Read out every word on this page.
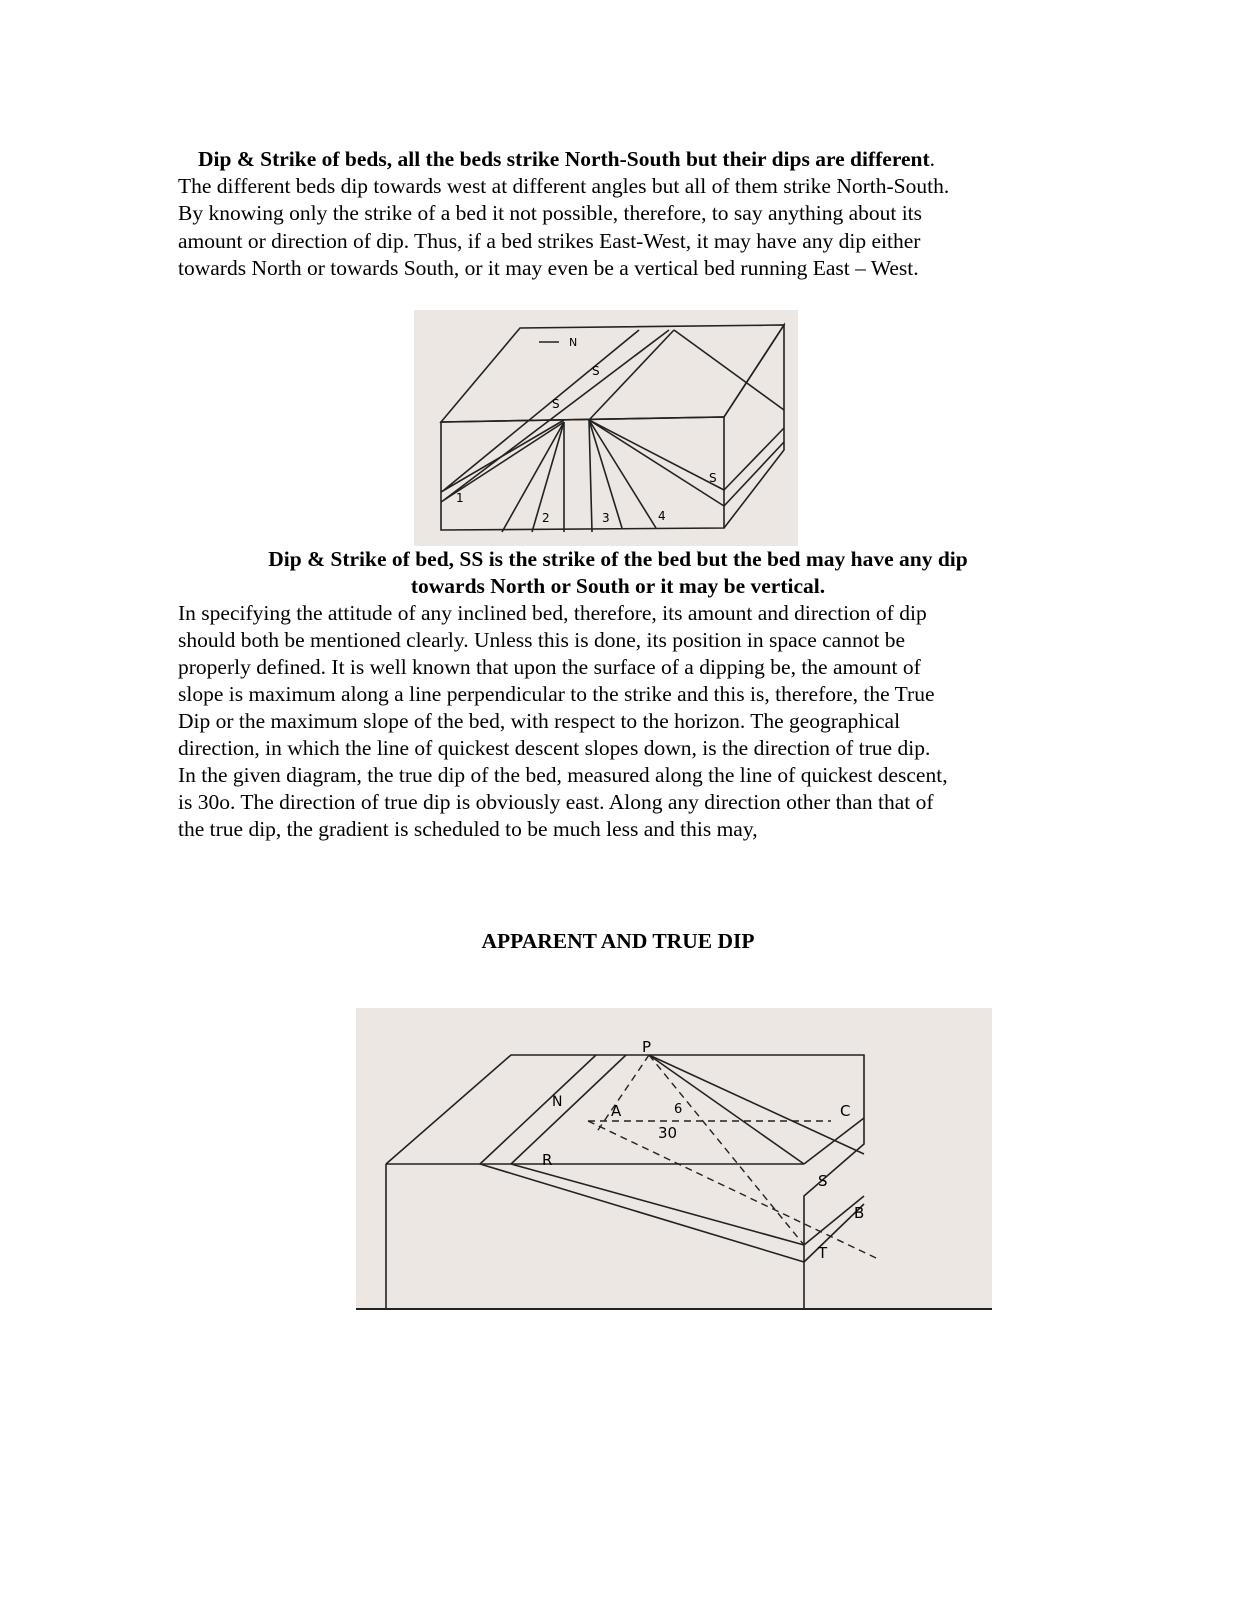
Dip & Strike of beds, all the beds strike North-South but their dips are different.
The different beds dip towards west at different angles but all of them strike North-South.
By knowing only the strike of a bed it not possible, therefore, to say anything about its
amount or direction of dip. Thus, if a bed strikes East-West, it may have any dip either
towards North or towards South, or it may even be a vertical bed running East – West.
N
S
S
S
1
2	3	4
Dip & Strike of bed, SS is the strike of the bed but the bed may have any dip
towards North or South or it may be vertical.
In specifying the attitude of any inclined bed, therefore, its amount and direction of dip
should both be mentioned clearly. Unless this is done, its position in space cannot be
properly defined. It is well known that upon the surface of a dipping be, the amount of
slope is maximum along a line perpendicular to the strike and this is, therefore, the True
Dip or the maximum slope of the bed, with respect to the horizon. The geographical
direction, in which the line of quickest descent slopes down, is the direction of true dip.
In the given diagram, the true dip of the bed, measured along the line of quickest descent,
is 30o. The direction of true dip is obviously east. Along any direction other than that of
the true dip, the gradient is scheduled to be much less and this may,
APPARENT AND TRUE DIP
P
N	A	C
6
30
R
S
B
T
